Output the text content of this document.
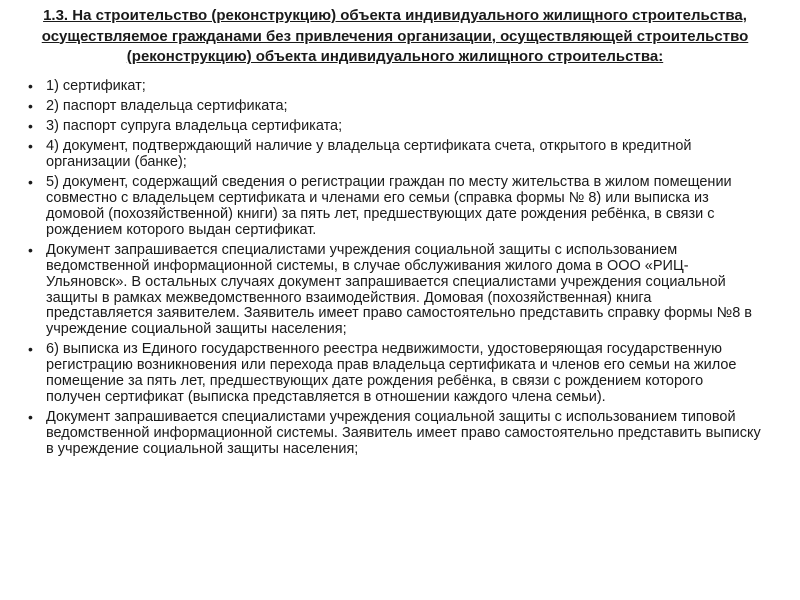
1.3. На строительство (реконструкцию) объекта индивидуального жилищного строительства, осуществляемое гражданами без привлечения организации, осуществляющей строительство (реконструкцию) объекта индивидуального жилищного строительства:
• 1) сертификат;
• 2) паспорт владельца сертификата;
• 3) паспорт супруга владельца сертификата;
• 4) документ, подтверждающий наличие у владельца сертификата счета, открытого в кредитной организации (банке);
• 5) документ, содержащий сведения о регистрации граждан по месту жительства в жилом помещении совместно с владельцем сертификата и членами его семьи (справка формы № 8) или выписка из домовой (похозяйственной) книги) за пять лет, предшествующих дате рождения ребёнка, в связи с рождением которого выдан сертификат.
• Документ запрашивается специалистами учреждения социальной защиты с использованием ведомственной информационной системы, в случае обслуживания жилого дома в ООО «РИЦ-Ульяновск». В остальных случаях документ запрашивается специалистами учреждения социальной защиты в рамках межведомственного взаимодействия. Домовая (похозяйственная) книга представляется заявителем. Заявитель имеет право самостоятельно представить справку формы №8 в учреждение социальной защиты населения;
• 6) выписка из Единого государственного реестра недвижимости, удостоверяющая государственную регистрацию возникновения или перехода прав владельца сертификата и членов его семьи на жилое помещение за пять лет, предшествующих дате рождения ребёнка, в связи с рождением которого получен сертификат (выписка представляется в отношении каждого члена семьи).
• Документ запрашивается специалистами учреждения социальной защиты с использованием типовой ведомственной информационной системы. Заявитель имеет право самостоятельно представить выписку в учреждение социальной защиты населения;
